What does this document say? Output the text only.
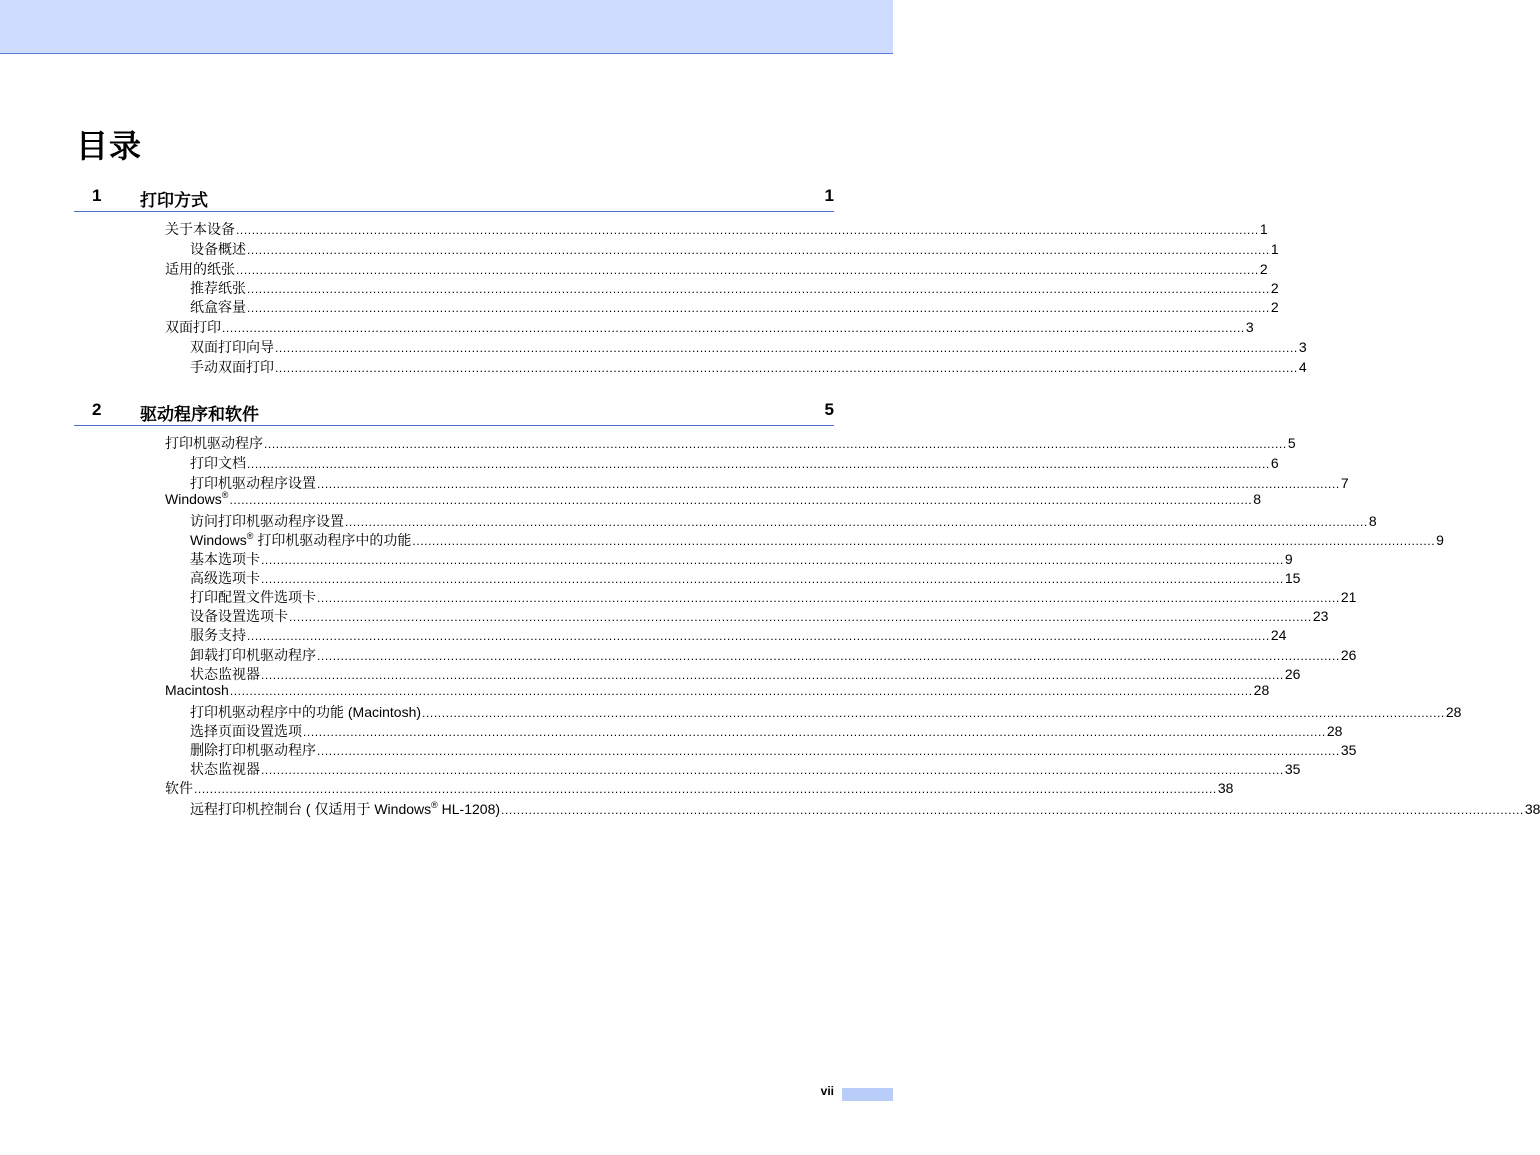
目录
1 打印方式	1
关于本设备 .................................................................................................................................................................................................................................................................... 1
设备概述 .................................................................................................................................................................................................................................................................... 1
适用的纸张 .................................................................................................................................................................................................................................................................... 2
推荐纸张 .................................................................................................................................................................................................................................................................... 2
纸盒容量 .................................................................................................................................................................................................................................................................... 2
双面打印 .................................................................................................................................................................................................................................................................... 3
双面打印向导 .................................................................................................................................................................................................................................................................... 3
手动双面打印 .................................................................................................................................................................................................................................................................... 4
2 驱动程序和软件	5
打印机驱动程序 .................................................................................................................................................................................................................................................................... 5
打印文档 .................................................................................................................................................................................................................................................................... 6
打印机驱动程序设置 .................................................................................................................................................................................................................................................................... 7
Windows® .................................................................................................................................................................................................................................................................... 8
访问打印机驱动程序设置 .................................................................................................................................................................................................................................................................... 8
Windows® 打印机驱动程序中的功能 .................................................................................................................................................................................................................................................................... 9
基本选项卡 .................................................................................................................................................................................................................................................................... 9
高级选项卡 .................................................................................................................................................................................................................................................................... 15
打印配置文件选项卡 .................................................................................................................................................................................................................................................................... 21
设备设置选项卡 .................................................................................................................................................................................................................................................................... 23
服务支持 .................................................................................................................................................................................................................................................................... 24
卸载打印机驱动程序 .................................................................................................................................................................................................................................................................... 26
状态监视器 .................................................................................................................................................................................................................................................................... 26
Macintosh .................................................................................................................................................................................................................................................................... 28
打印机驱动程序中的功能 (Macintosh) .................................................................................................................................................................................................................................................................... 28
选择页面设置选项 .................................................................................................................................................................................................................................................................... 28
删除打印机驱动程序 .................................................................................................................................................................................................................................................................... 35
状态监视器 .................................................................................................................................................................................................................................................................... 35
软件 .................................................................................................................................................................................................................................................................... 38
远程打印机控制台 ( 仅适用于 Windows® HL-1208) .................................................................................................................................................................................................................................................................... 38
vii
